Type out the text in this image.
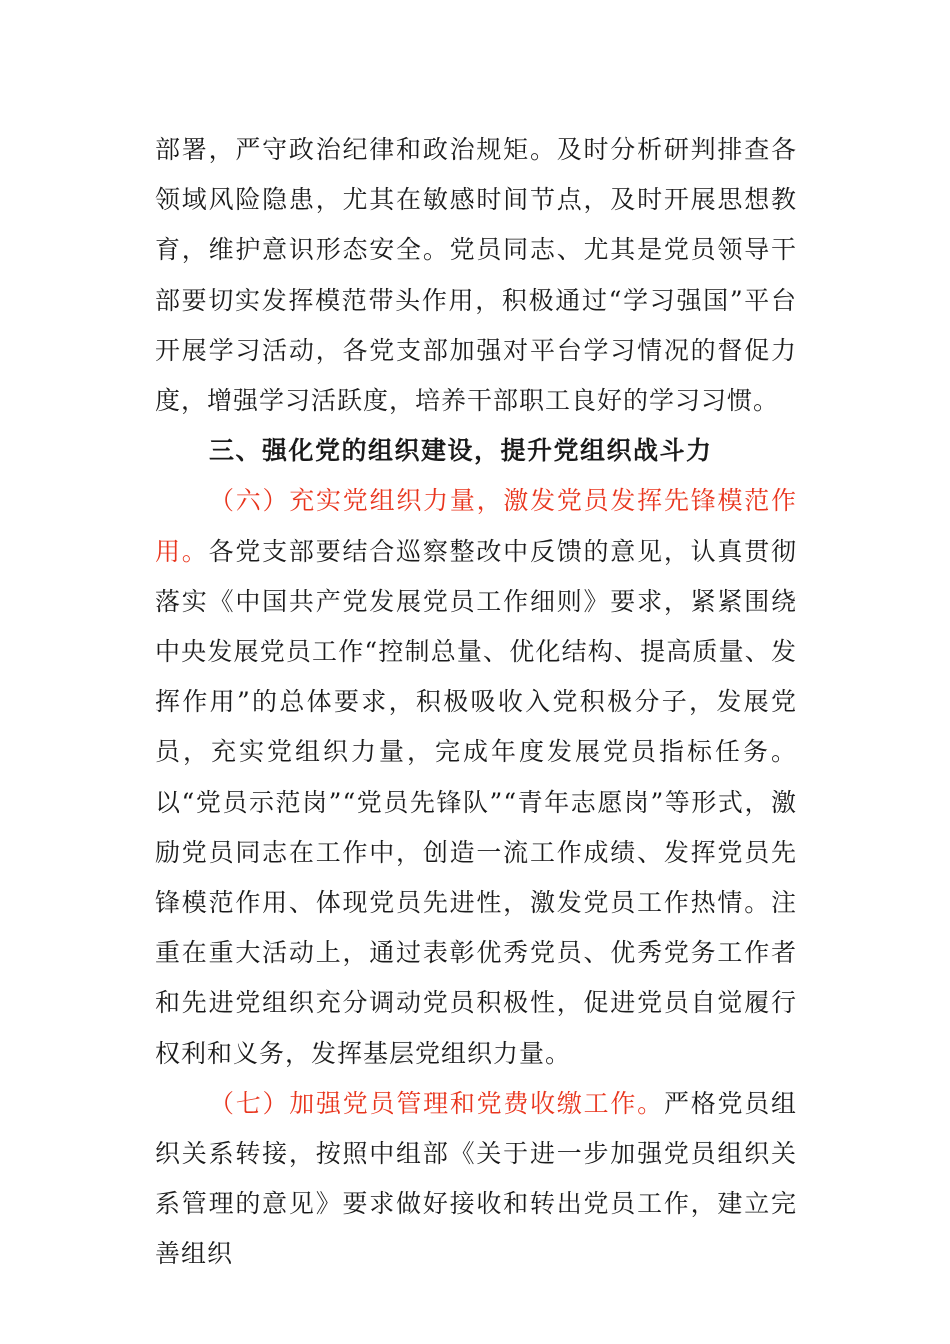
部署，严守政治纪律和政治规矩。及时分析研判排查各领域风险隐患，尤其在敏感时间节点，及时开展思想教育，维护意识形态安全。党员同志、尤其是党员领导干部要切实发挥模范带头作用，积极通过“学习强国”平台开展学习活动，各党支部加强对平台学习情况的督促力度，增强学习活跃度，培养干部职工良好的学习习惯。

三、强化党的组织建设，提升党组织战斗力

（六）充实党组织力量，激发党员发挥先锋模范作用。各党支部要结合巡察整改中反馈的意见，认真贯彻落实《中国共产党发展党员工作细则》要求，紧紧围绕中央发展党员工作“控制总量、优化结构、提高质量、发挥作用”的总体要求，积极吸收入党积极分子，发展党员，充实党组织力量，完成年度发展党员指标任务。以“党员示范岗”“党员先锋队”“青年志愿岗”等形式，激励党员同志在工作中，创造一流工作成绩、发挥党员先锋模范作用、体现党员先进性，激发党员工作热情。注重在重大活动上，通过表彰优秀党员、优秀党务工作者和先进党组织充分调动党员积极性，促进党员自觉履行权利和义务，发挥基层党组织力量。

（七）加强党员管理和党费收缴工作。严格党员组织关系转接，按照中组部《关于进一步加强党员组织关系管理的意见》要求做好接收和转出党员工作，建立完善组织
